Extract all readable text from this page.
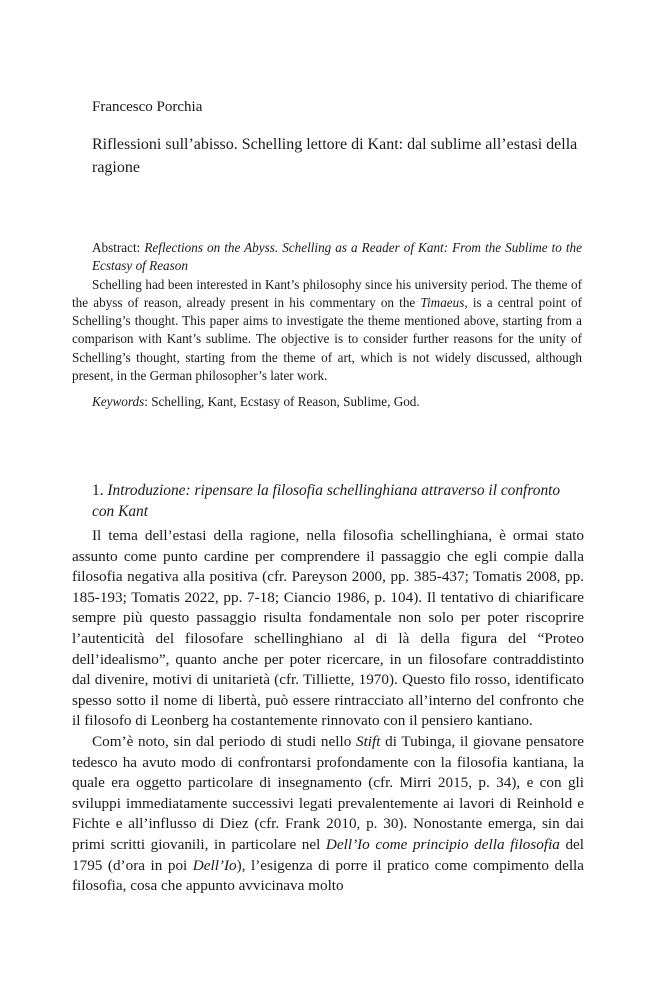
Francesco Porchia
Riflessioni sull’abisso. Schelling lettore di Kant: dal sublime all’estasi della ragione
Abstract: Reflections on the Abyss. Schelling as a Reader of Kant: From the Sublime to the Ecstasy of Reason

Schelling had been interested in Kant’s philosophy since his university period. The theme of the abyss of reason, already present in his commentary on the Timaeus, is a central point of Schelling’s thought. This paper aims to investigate the theme mentioned above, starting from a comparison with Kant’s sublime. The objective is to consider further reasons for the unity of Schelling’s thought, starting from the theme of art, which is not widely discussed, although present, in the German philosopher’s later work.

Keywords: Schelling, Kant, Ecstasy of Reason, Sublime, God.
1. Introduzione: ripensare la filosofia schellinghiana attraverso il confronto con Kant

Il tema dell’estasi della ragione, nella filosofia schellinghiana, è ormai stato assunto come punto cardine per comprendere il passaggio che egli compie dalla filosofia negativa alla positiva (cfr. Pareyson 2000, pp. 385-437; Tomatis 2008, pp. 185-193; Tomatis 2022, pp. 7-18; Ciancio 1986, p. 104). Il tentativo di chiarificare sempre più questo passaggio risulta fondamentale non solo per poter riscoprire l’autenticità del filosofare schellinghiano al di là della figura del “Proteo dell’idealismo”, quanto anche per poter ricercare, in un filosofare contraddistinto dal divenire, motivi di unitarietà (cfr. Tilliette, 1970). Questo filo rosso, identificato spesso sotto il nome di libertà, può essere rintracciato all’interno del confronto che il filosofo di Leonberg ha costantemente rinnovato con il pensiero kantiano.

Com’è noto, sin dal periodo di studi nello Stift di Tubinga, il giovane pensatore tedesco ha avuto modo di confrontarsi profondamente con la filosofia kantiana, la quale era oggetto particolare di insegnamento (cfr. Mirri 2015, p. 34), e con gli sviluppi immediatamente successivi legati prevalentemente ai lavori di Reinhold e Fichte e all’influsso di Diez (cfr. Frank 2010, p. 30). Nonostante emerga, sin dai primi scritti giovanili, in particolare nel Dell’Io come principio della filosofia del 1795 (d’ora in poi Dell’Io), l’esigenza di porre il pratico come compimento della filosofia, cosa che appunto avvicinava molto
